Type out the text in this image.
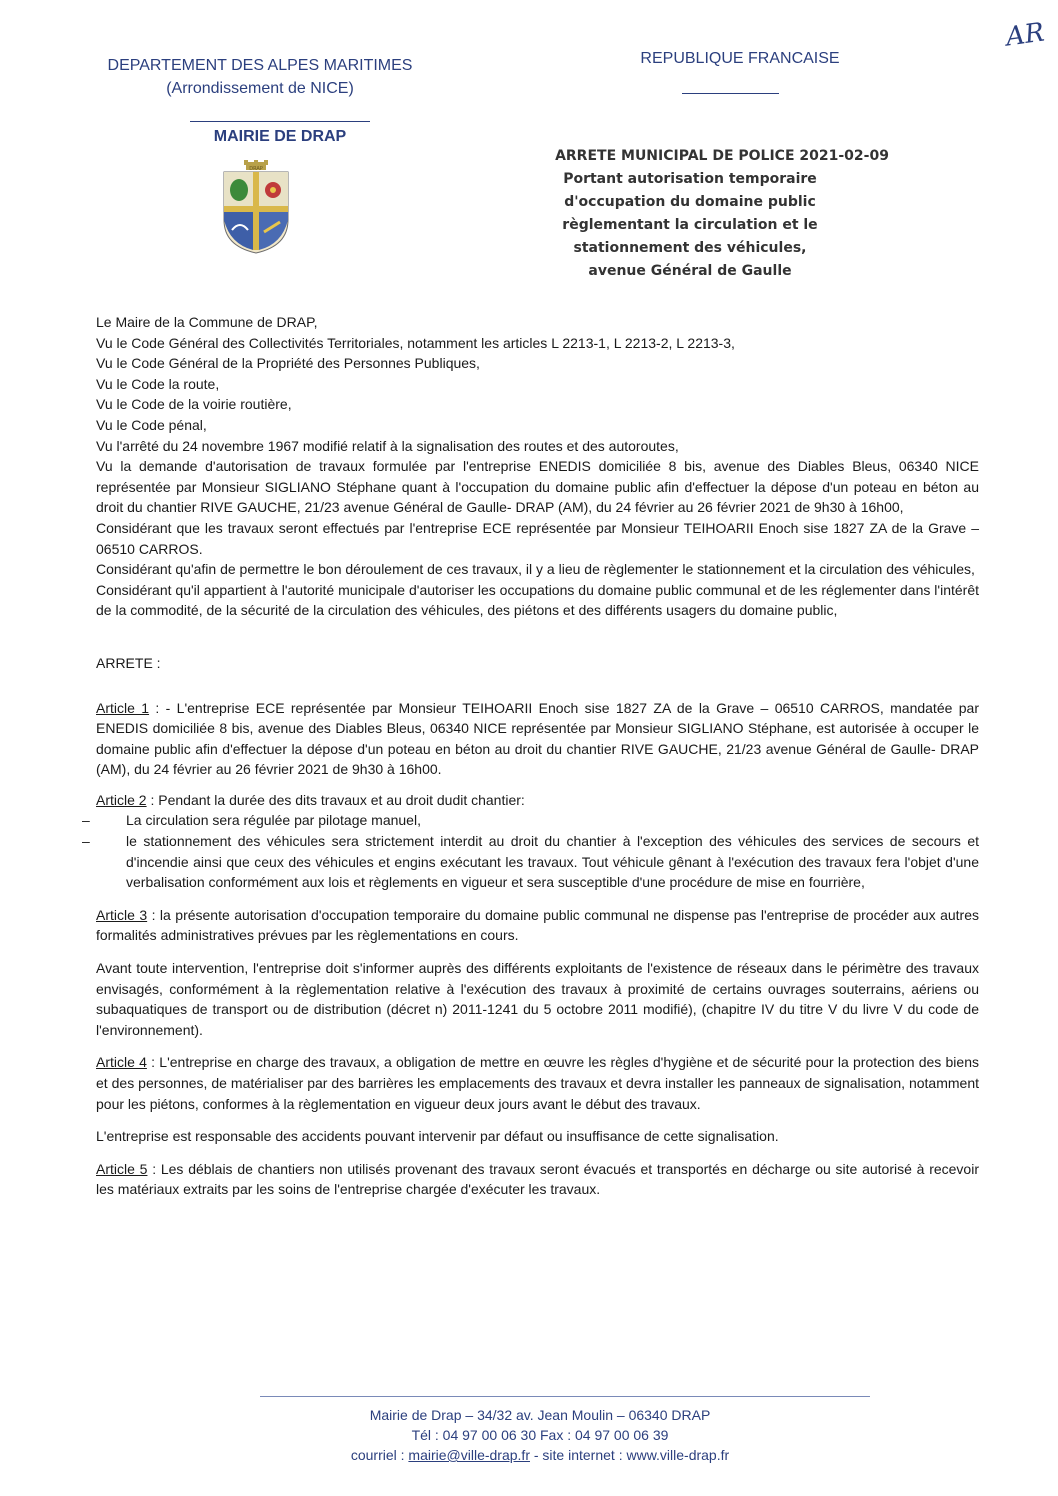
AR
DEPARTEMENT DES ALPES MARITIMES
(Arrondissement de NICE)
REPUBLIQUE FRANCAISE
MAIRIE DE DRAP
DRAP
ARRETE MUNICIPAL DE POLICE 2021-02-09
Portant autorisation temporaire
d'occupation du domaine public
règlementant la circulation et le
stationnement des véhicules,
avenue Général de Gaulle

Le Maire de la Commune de DRAP,

Vu le Code Général des Collectivités Territoriales, notamment les articles L 2213-1, L 2213-2, L 2213-3,

Vu le Code Général de la Propriété des Personnes Publiques,

Vu le Code la route,

Vu le Code de la voirie routière,

Vu le Code pénal,

Vu l'arrêté du 24 novembre 1967 modifié relatif à la signalisation des routes et des autoroutes,

Vu la demande d'autorisation de travaux formulée par l'entreprise ENEDIS domiciliée 8 bis, avenue des Diables Bleus, 06340 NICE représentée par Monsieur SIGLIANO Stéphane quant à l'occupation du domaine public afin d'effectuer la dépose d'un poteau en béton au droit du chantier RIVE GAUCHE, 21/23 avenue Général de Gaulle- DRAP (AM), du 24 février au 26 février 2021 de 9h30 à 16h00,

Considérant que les travaux seront effectués par l'entreprise ECE représentée par Monsieur TEIHOARII Enoch sise 1827 ZA de la Grave – 06510 CARROS.

Considérant qu'afin de permettre le bon déroulement de ces travaux, il y a lieu de règlementer le stationnement et la circulation des véhicules,

Considérant qu'il appartient à l'autorité municipale d'autoriser les occupations du domaine public communal et de les réglementer dans l'intérêt de la commodité, de la sécurité de la circulation des véhicules, des piétons et des différents usagers du domaine public,

ARRETE :

Article 1 : - L'entreprise ECE représentée par Monsieur TEIHOARII Enoch sise 1827 ZA de la Grave – 06510 CARROS, mandatée par ENEDIS domiciliée 8 bis, avenue des Diables Bleus, 06340 NICE représentée par Monsieur SIGLIANO Stéphane, est autorisée à occuper le domaine public afin d'effectuer la dépose d'un poteau en béton au droit du chantier RIVE GAUCHE, 21/23 avenue Général de Gaulle- DRAP (AM), du 24 février au 26 février 2021 de 9h30 à 16h00.

Article 2 : Pendant la durée des dits travaux et au droit dudit chantier:

–	La circulation sera régulée par pilotage manuel,
–	le stationnement des véhicules sera strictement interdit au droit du chantier à l'exception des véhicules des services de secours et d'incendie ainsi que ceux des véhicules et engins exécutant les travaux. Tout véhicule gênant à l'exécution des travaux fera l'objet d'une verbalisation conformément aux lois et règlements en vigueur et sera susceptible d'une procédure de mise en fourrière,

Article 3 : la présente autorisation d'occupation temporaire du domaine public communal ne dispense pas l'entreprise de procéder aux autres formalités administratives prévues par les règlementations en cours.

Avant toute intervention, l'entreprise doit s'informer auprès des différents exploitants de l'existence de réseaux dans le périmètre des travaux envisagés, conformément à la règlementation relative à l'exécution des travaux à proximité de certains ouvrages souterrains, aériens ou subaquatiques de transport ou de distribution (décret n) 2011-1241 du 5 octobre 2011 modifié), (chapitre IV du titre V du livre V du code de l'environnement).

Article 4 : L'entreprise en charge des travaux, a obligation de mettre en œuvre les règles d'hygiène et de sécurité pour la protection des biens et des personnes, de matérialiser par des barrières les emplacements des travaux et devra installer les panneaux de signalisation, notamment pour les piétons, conformes à la règlementation en vigueur deux jours avant le début des travaux.

L'entreprise est responsable des accidents pouvant intervenir par défaut ou insuffisance de cette signalisation.

Article 5 : Les déblais de chantiers non utilisés provenant des travaux seront évacués et transportés en décharge ou site autorisé à recevoir les matériaux extraits par les soins de l'entreprise chargée d'exécuter les travaux.

Mairie de Drap – 34/32 av. Jean Moulin – 06340 DRAP
Tél : 04 97 00 06 30 Fax : 04 97 00 06 39
courriel : mairie@ville-drap.fr - site internet : www.ville-drap.fr
